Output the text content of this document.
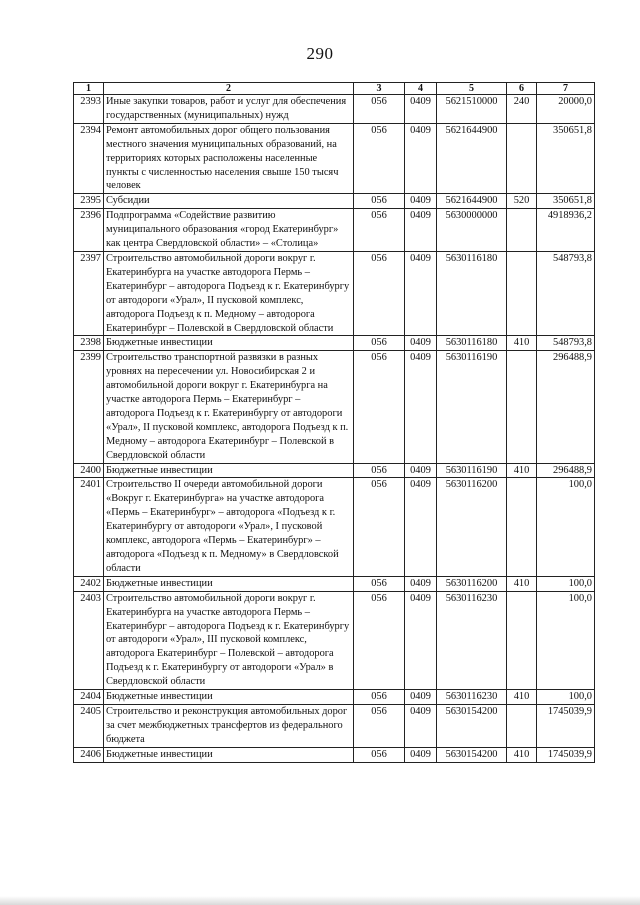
290
1	2	3	4	5	6	7
2393	Иные закупки товаров, работ и услуг для обеспечения государственных (муниципальных) нужд	056	0409	5621510000	240	20000,0
2394	Ремонт автомобильных дорог общего пользования местного значения муниципальных образований, на территориях которых расположены населенные пункты с численностью населения свыше 150 тысяч человек	056	0409	5621644900		350651,8
2395	Субсидии	056	0409	5621644900	520	350651,8
2396	Подпрограмма «Содействие развитию муниципального образования «город Екатеринбург» как центра Свердловской области» – «Столица»	056	0409	5630000000		4918936,2
2397	Строительство автомобильной дороги вокруг г. Екатеринбурга на участке автодорога Пермь – Екатеринбург – автодорога Подъезд к г. Екатеринбургу от автодороги «Урал», II пусковой комплекс, автодорога Подъезд к п. Медному – автодорога Екатеринбург – Полевской в Свердловской области	056	0409	5630116180		548793,8
2398	Бюджетные инвестиции	056	0409	5630116180	410	548793,8
2399	Строительство транспортной развязки в разных уровнях на пересечении ул. Новосибирская 2 и автомобильной дороги вокруг г. Екатеринбурга на участке автодорога Пермь – Екатеринбург – автодорога Подъезд к г. Екатеринбургу от автодороги «Урал», II пусковой комплекс, автодорога Подъезд к п. Медному – автодорога Екатеринбург – Полевской в Свердловской области	056	0409	5630116190		296488,9
2400	Бюджетные инвестиции	056	0409	5630116190	410	296488,9
2401	Строительство II очереди автомобильной дороги «Вокруг г. Екатеринбурга» на участке автодорога «Пермь – Екатеринбург» – автодорога «Подъезд к г. Екатеринбургу от автодороги «Урал», I пусковой комплекс, автодорога «Пермь – Екатеринбург» – автодорога «Подъезд к п. Медному» в Свердловской области	056	0409	5630116200		100,0
2402	Бюджетные инвестиции	056	0409	5630116200	410	100,0
2403	Строительство автомобильной дороги вокруг г. Екатеринбурга на участке автодорога Пермь – Екатеринбург – автодорога Подъезд к г. Екатеринбургу от автодороги «Урал», III пусковой комплекс, автодорога Екатеринбург – Полевской – автодорога Подъезд к г. Екатеринбургу от автодороги «Урал» в Свердловской области	056	0409	5630116230		100,0
2404	Бюджетные инвестиции	056	0409	5630116230	410	100,0
2405	Строительство и реконструкция автомобильных дорог за счет межбюджетных трансфертов из федерального бюджета	056	0409	5630154200		1745039,9
2406	Бюджетные инвестиции	056	0409	5630154200	410	1745039,9
